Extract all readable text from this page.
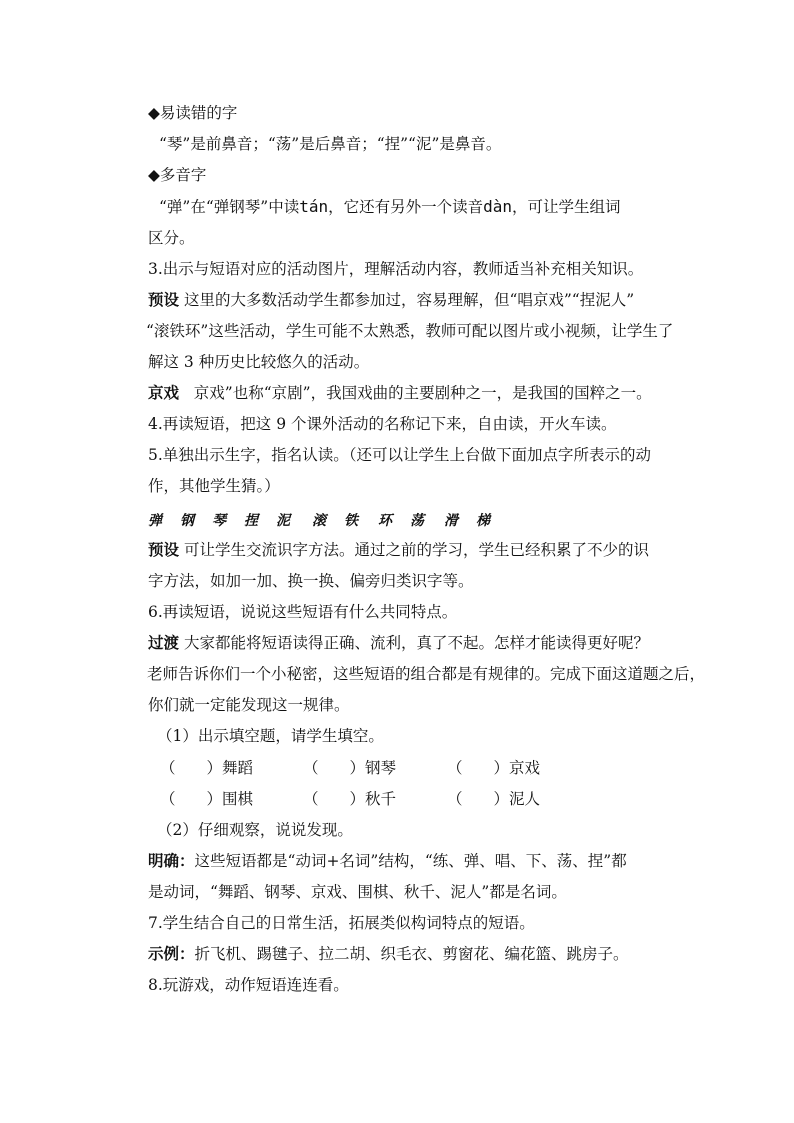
◆易读错的字
“琴”是前鼻音；“荡”是后鼻音；“捏”“泥”是鼻音。
◆多音字
“弹”在“弹钢琴”中读tán，它还有另外一个读音dàn，可让学生组词
区分。
3.出示与短语对应的活动图片，理解活动内容，教师适当补充相关知识。
预设 这里的大多数活动学生都参加过，容易理解，但“唱京戏”“捏泥人”
“滚铁环”这些活动，学生可能不太熟悉，教师可配以图片或小视频，让学生了
解这 3 种历史比较悠久的活动。
京戏 京戏”也称“京剧”，我国戏曲的主要剧种之一，是我国的国粹之一。
4.再读短语，把这 9 个课外活动的名称记下来，自由读，开火车读。
5.单独出示生字，指名认读。（还可以让学生上台做下面加点字所表示的动
作，其他学生猜。）
弹 钢 琴 捏 泥 滚 铁 环 荡 滑 梯
预设 可让学生交流识字方法。通过之前的学习，学生已经积累了不少的识
字方法，如加一加、换一换、偏旁归类识字等。
6.再读短语，说说这些短语有什么共同特点。
过渡 大家都能将短语读得正确、流利，真了不起。怎样才能读得更好呢？
老师告诉你们一个小秘密，这些短语的组合都是有规律的。完成下面这道题之后，
你们就一定能发现这一规律。
（1）出示填空题，请学生填空。
（　　）舞蹈	（　　）钢琴	（　　）京戏
（　　）围棋	（　　）秋千	（　　）泥人
（2）仔细观察，说说发现。
明确：这些短语都是“动词+名词”结构，“练、弹、唱、下、荡、捏”都
是动词，“舞蹈、钢琴、京戏、围棋、秋千、泥人”都是名词。
7.学生结合自己的日常生活，拓展类似构词特点的短语。
示例：折飞机、踢毽子、拉二胡、织毛衣、剪窗花、编花篮、跳房子。
8.玩游戏，动作短语连连看。
